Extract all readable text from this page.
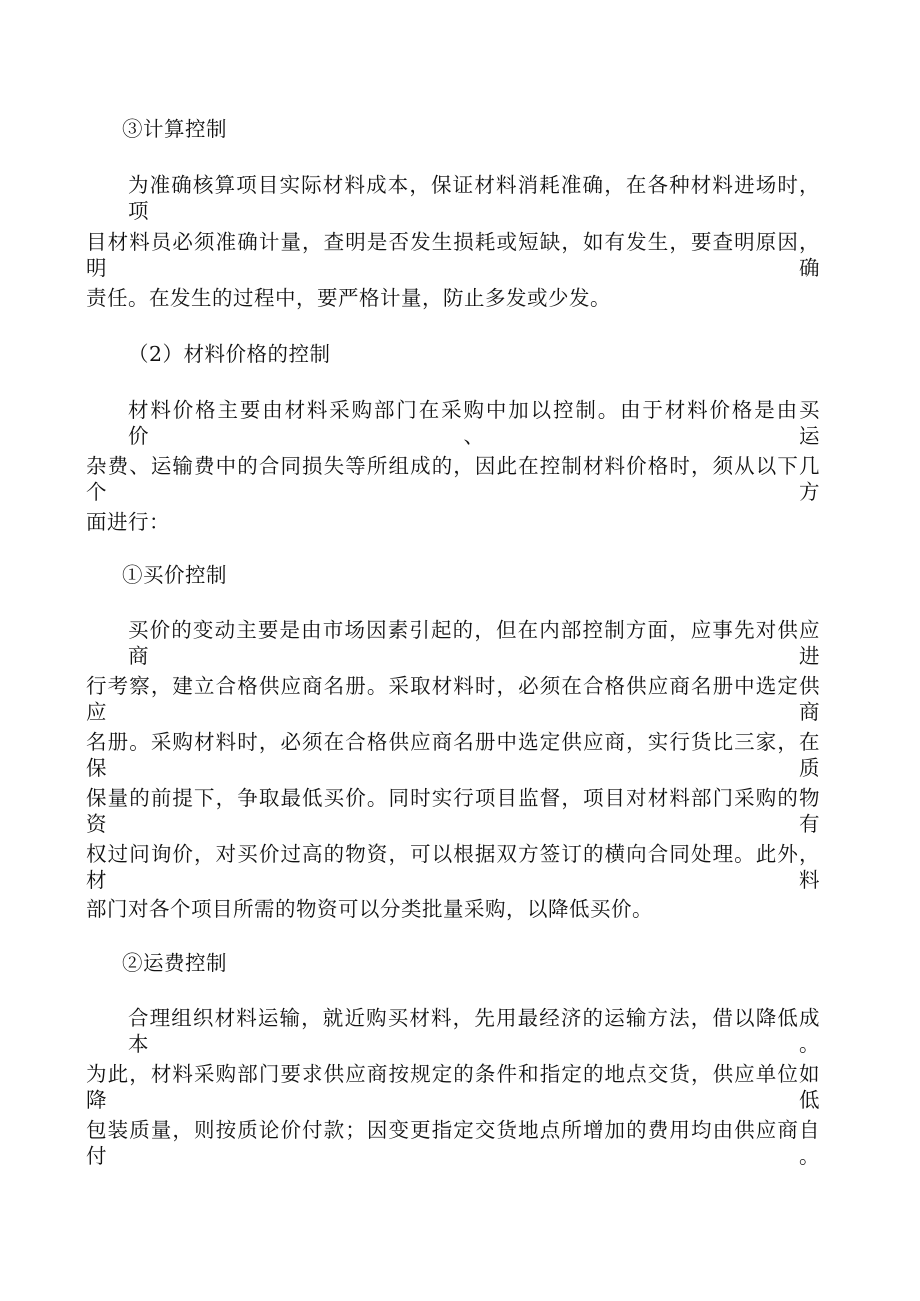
③计算控制
为准确核算项目实际材料成本，保证材料消耗准确，在各种材料进场时，项
目材料员必须准确计量，查明是否发生损耗或短缺，如有发生，要查明原因，明确
责任。在发生的过程中，要严格计量，防止多发或少发。
（2）材料价格的控制
材料价格主要由材料采购部门在采购中加以控制。由于材料价格是由买价、运
杂费、运输费中的合同损失等所组成的，因此在控制材料价格时，须从以下几个方
面进行：
①买价控制
买价的变动主要是由市场因素引起的，但在内部控制方面，应事先对供应商进
行考察，建立合格供应商名册。采取材料时，必须在合格供应商名册中选定供应商
名册。采购材料时，必须在合格供应商名册中选定供应商，实行货比三家，在保质
保量的前提下，争取最低买价。同时实行项目监督，项目对材料部门采购的物资有
权过问询价，对买价过高的物资，可以根据双方签订的横向合同处理。此外，材料
部门对各个项目所需的物资可以分类批量采购，以降低买价。
②运费控制
合理组织材料运输，就近购买材料，先用最经济的运输方法，借以降低成本。
为此，材料采购部门要求供应商按规定的条件和指定的地点交货，供应单位如降低
包装质量，则按质论价付款；因变更指定交货地点所增加的费用均由供应商自付。
